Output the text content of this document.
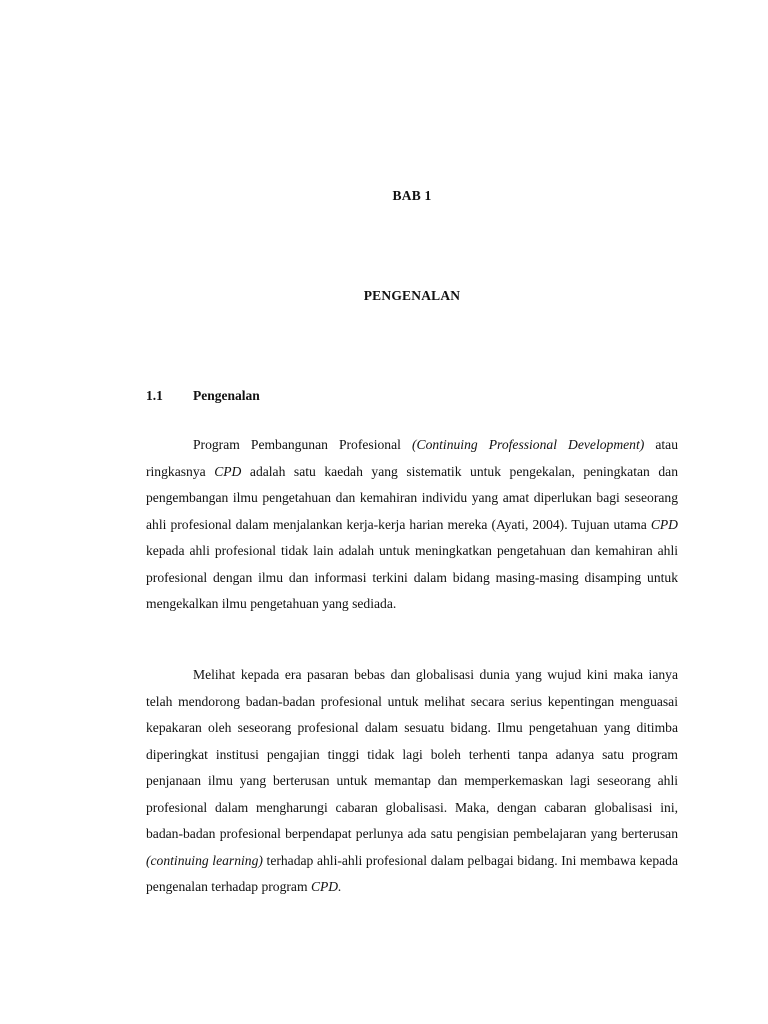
BAB 1
PENGENALAN
1.1 Pengenalan

Program Pembangunan Profesional (Continuing Professional Development) atau ringkasnya CPD adalah satu kaedah yang sistematik untuk pengekalan, peningkatan dan pengembangan ilmu pengetahuan dan kemahiran individu yang amat diperlukan bagi seseorang ahli profesional dalam menjalankan kerja-kerja harian mereka (Ayati, 2004). Tujuan utama CPD kepada ahli profesional tidak lain adalah untuk meningkatkan pengetahuan dan kemahiran ahli profesional dengan ilmu dan informasi terkini dalam bidang masing-masing disamping untuk mengekalkan ilmu pengetahuan yang sediada.

Melihat kepada era pasaran bebas dan globalisasi dunia yang wujud kini maka ianya telah mendorong badan-badan profesional untuk melihat secara serius kepentingan menguasai kepakaran oleh seseorang profesional dalam sesuatu bidang. Ilmu pengetahuan yang ditimba diperingkat institusi pengajian tinggi tidak lagi boleh terhenti tanpa adanya satu program penjanaan ilmu yang berterusan untuk memantap dan memperkemaskan lagi seseorang ahli profesional dalam mengharungi cabaran globalisasi. Maka, dengan cabaran globalisasi ini, badan-badan profesional berpendapat perlunya ada satu pengisian pembelajaran yang berterusan (continuing learning) terhadap ahli-ahli profesional dalam pelbagai bidang. Ini membawa kepada pengenalan terhadap program CPD.
